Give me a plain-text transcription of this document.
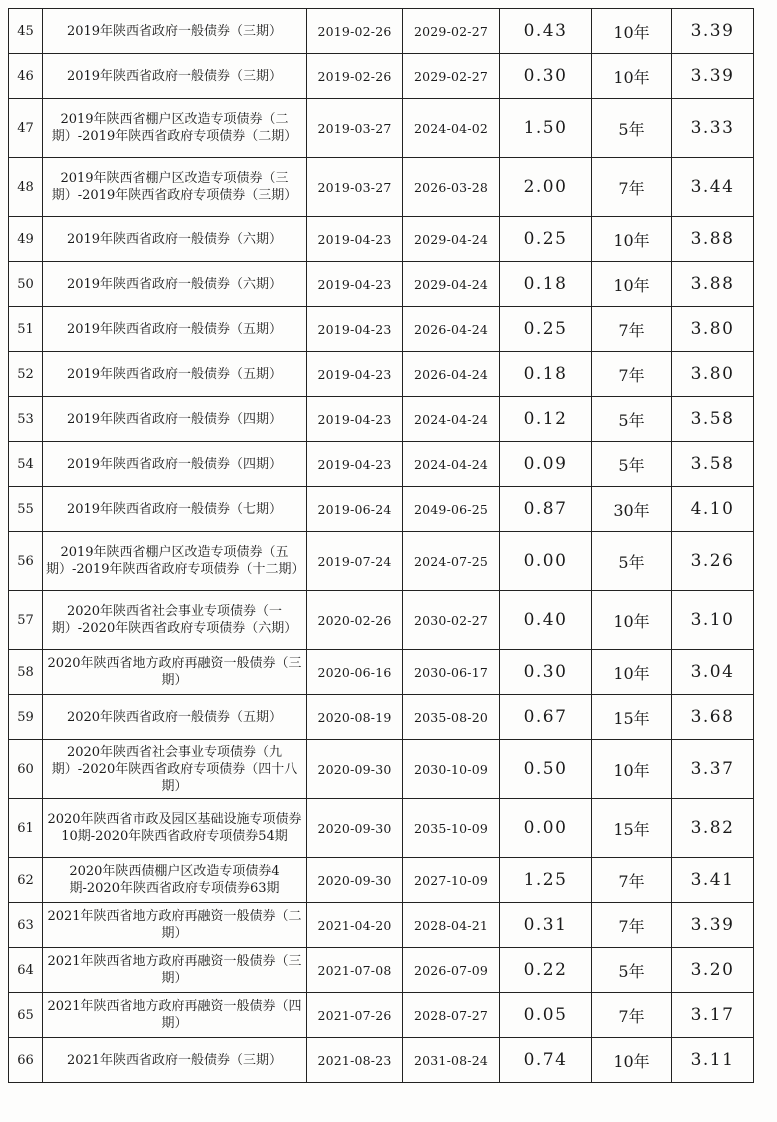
45	2019年陕西省政府一般债券（三期）	2019-02-26	2029-02-27	0.43	10年	3.39
46	2019年陕西省政府一般债券（三期）	2019-02-26	2029-02-27	0.30	10年	3.39
47	2019年陕西省棚户区改造专项债券（二期）-2019年陕西省政府专项债券（二期）	2019-03-27	2024-04-02	1.50	5年	3.33
48	2019年陕西省棚户区改造专项债券（三期）-2019年陕西省政府专项债券（三期）	2019-03-27	2026-03-28	2.00	7年	3.44
49	2019年陕西省政府一般债券（六期）	2019-04-23	2029-04-24	0.25	10年	3.88
50	2019年陕西省政府一般债券（六期）	2019-04-23	2029-04-24	0.18	10年	3.88
51	2019年陕西省政府一般债券（五期）	2019-04-23	2026-04-24	0.25	7年	3.80
52	2019年陕西省政府一般债券（五期）	2019-04-23	2026-04-24	0.18	7年	3.80
53	2019年陕西省政府一般债券（四期）	2019-04-23	2024-04-24	0.12	5年	3.58
54	2019年陕西省政府一般债券（四期）	2019-04-23	2024-04-24	0.09	5年	3.58
55	2019年陕西省政府一般债券（七期）	2019-06-24	2049-06-25	0.87	30年	4.10
56	2019年陕西省棚户区改造专项债券（五期）-2019年陕西省政府专项债券（十二期）	2019-07-24	2024-07-25	0.00	5年	3.26
57	2020年陕西省社会事业专项债券（一期）-2020年陕西省政府专项债券（六期）	2020-02-26	2030-02-27	0.40	10年	3.10
58	2020年陕西省地方政府再融资一般债券（三期）	2020-06-16	2030-06-17	0.30	10年	3.04
59	2020年陕西省政府一般债券（五期）	2020-08-19	2035-08-20	0.67	15年	3.68
60	2020年陕西省社会事业专项债券（九期）-2020年陕西省政府专项债券（四十八期）	2020-09-30	2030-10-09	0.50	10年	3.37
61	2020年陕西省市政及园区基础设施专项债券10期-2020年陕西省政府专项债券54期	2020-09-30	2035-10-09	0.00	15年	3.82
62	2020年陕西债棚户区改造专项债券4期-2020年陕西省政府专项债券63期	2020-09-30	2027-10-09	1.25	7年	3.41
63	2021年陕西省地方政府再融资一般债券（二期）	2021-04-20	2028-04-21	0.31	7年	3.39
64	2021年陕西省地方政府再融资一般债券（三期）	2021-07-08	2026-07-09	0.22	5年	3.20
65	2021年陕西省地方政府再融资一般债券（四期）	2021-07-26	2028-07-27	0.05	7年	3.17
66	2021年陕西省政府一般债券（三期）	2021-08-23	2031-08-24	0.74	10年	3.11
